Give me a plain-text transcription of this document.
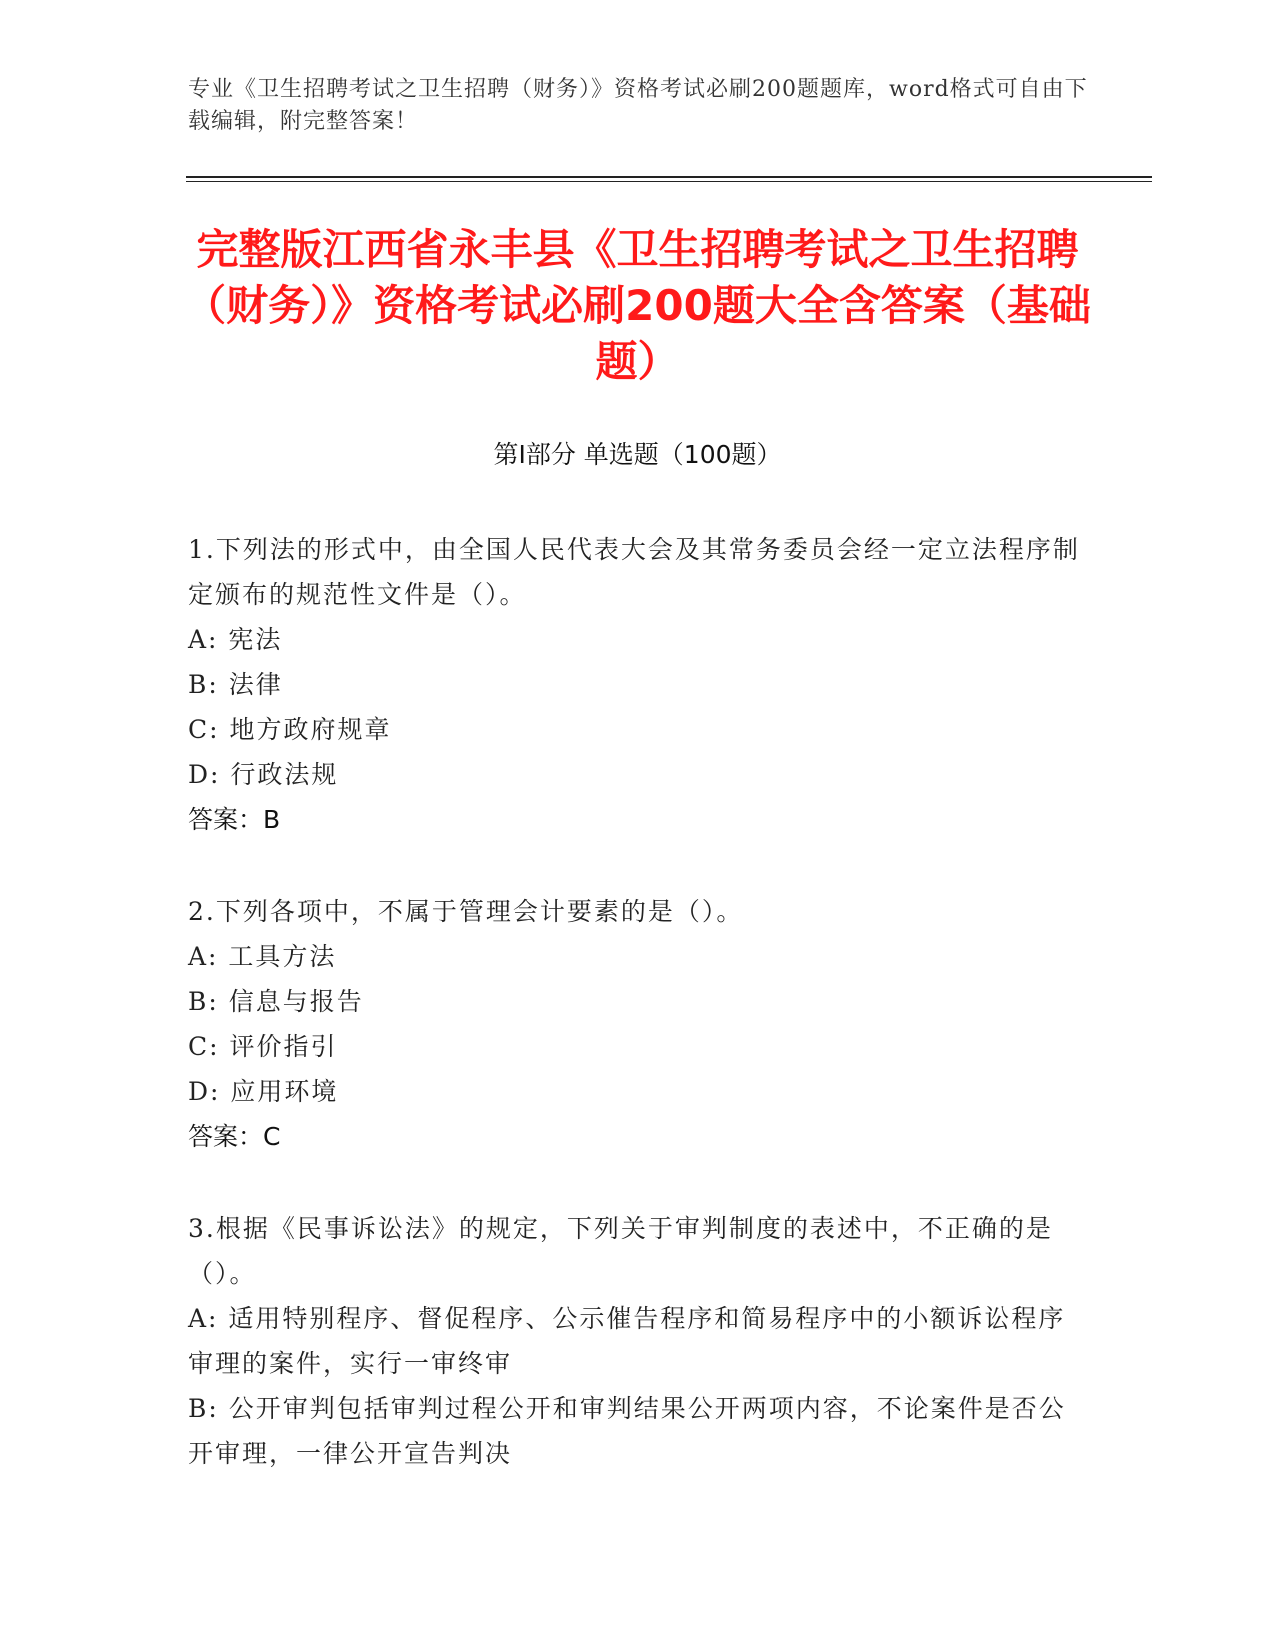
专业《卫生招聘考试之卫生招聘（财务）》资格考试必刷200题题库，word格式可自由下载编辑，附完整答案！
完整版江西省永丰县《卫生招聘考试之卫生招聘（财务）》资格考试必刷200题大全含答案（基础题）
第Ⅰ部分 单选题（100题）
1.下列法的形式中，由全国人民代表大会及其常务委员会经一定立法程序制定颁布的规范性文件是（）。
A: 宪法
B: 法律
C: 地方政府规章
D: 行政法规
答案：B
2.下列各项中，不属于管理会计要素的是（）。
A: 工具方法
B: 信息与报告
C: 评价指引
D: 应用环境
答案：C
3.根据《民事诉讼法》的规定，下列关于审判制度的表述中，不正确的是（）。
A: 适用特别程序、督促程序、公示催告程序和简易程序中的小额诉讼程序审理的案件，实行一审终审
B: 公开审判包括审判过程公开和审判结果公开两项内容，不论案件是否公开审理，一律公开宣告判决
